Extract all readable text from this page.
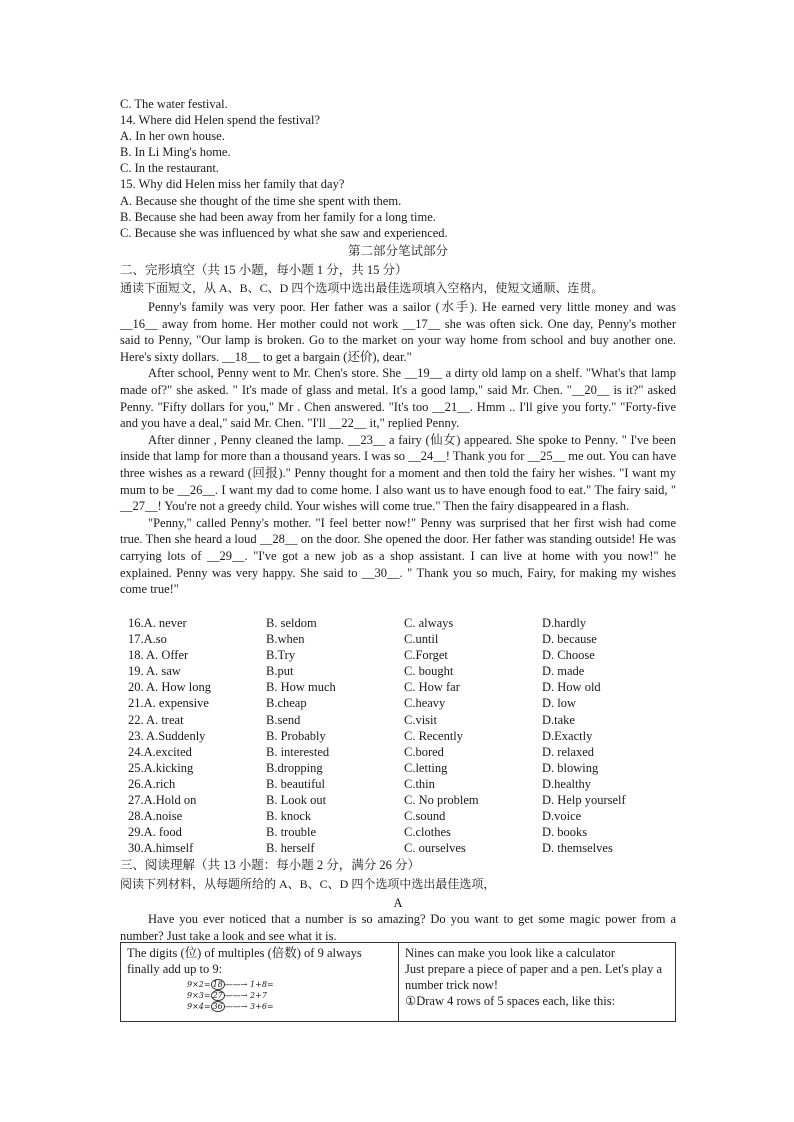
C. The water festival.
14. Where did Helen spend the festival?
A. In her own house.
B. In Li Ming's home.
C. In the restaurant.
15. Why did Helen miss her family that day?
A. Because she thought of the time she spent with them.
B. Because she had been away from her family for a long time.
C. Because she was influenced by what she saw and experienced.
第二部分笔试部分
二、完形填空（共 15 小题，每小题 1 分，共 15 分）
通读下面短文，从 A、B、C、D 四个选项中选出最佳选项填入空格内，使短文通顺、连贯。
Penny's family was very poor. Her father was a sailor (水手). He earned very little money and was __16__ away from home. Her mother could not work __17__ she was often sick. One day, Penny's mother said to Penny, "Our lamp is broken. Go to the market on your way home from school and buy another one. Here's sixty dollars. __18__ to get a bargain (还价), dear."
After school, Penny went to Mr. Chen's store. She __19__ a dirty old lamp on a shelf. "What's that lamp made of?" she asked. " It's made of glass and metal. It's a good lamp," said Mr. Chen. "__20__ is it?" asked Penny. "Fifty dollars for you," Mr . Chen answered. "It's too __21__. Hmm .. I'll give you forty." "Forty-five and you have a deal," said Mr. Chen. "I'll __22__ it," replied Penny.
After dinner , Penny cleaned the lamp. __23__ a fairy (仙女) appeared. She spoke to Penny. " I've been inside that lamp for more than a thousand years. I was so __24__! Thank you for __25__ me out. You can have three wishes as a reward (回报)." Penny thought for a moment and then told the fairy her wishes. "I want my mum to be __26__. I want my dad to come home. I also want us to have enough food to eat." The fairy said, " __27__! You're not a greedy child. Your wishes will come true." Then the fairy disappeared in a flash.
"Penny," called Penny's mother. "I feel better now!" Penny was surprised that her first wish had come true. Then she heard a loud __28__ on the door. She opened the door. Her father was standing outside! He was carrying lots of __29__. "I've got a new job as a shop assistant. I can live at home with you now!" he explained. Penny was very happy. She said to __30__. " Thank you so much, Fairy, for making my wishes come true!"
16.A. never	B. seldom	C. always	D.hardly
17.A.so	B.when	C.until	D. because
18. A. Offer	B.Try	C.Forget	D. Choose
19. A. saw	B.put	C. bought	D. made
20. A. How long	B. How much	C. How far	D. How old
21.A. expensive	B.cheap	C.heavy	D. low
22. A. treat	B.send	C.visit	D.take
23. A.Suddenly	B. Probably	C. Recently	D.Exactly
24.A.excited	B. interested	C.bored	D. relaxed
25.A.kicking	B.dropping	C.letting	D. blowing
26.A.rich	B. beautiful	C.thin	D.healthy
27.A.Hold on	B. Look out	C. No problem	D. Help yourself
28.A.noise	B. knock	C.sound	D.voice
29.A. food	B. trouble	C.clothes	D. books
30.A.himself	B. herself	C. ourselves	D. themselves
三、阅读理解（共 13 小题：每小题 2 分，满分 26 分）
阅读下列材料，从每题所给的 A、B、C、D 四个选项中选出最佳选项，
A
Have you ever noticed that a number is so amazing? Do you want to get some magic power from a number? Just take a look and see what it is.
The digits (位) of multiples (倍数) of 9 always finally add up to 9:
9×2= 18 ——→ 1+8=
9×3= 27 ——→ 2+7
9×4= 36 ——→ 3+6=

Nines can make you look like a calculator
Just prepare a piece of paper and a pen. Let's play a number trick now!
①Draw 4 rows of 5 spaces each, like this:
